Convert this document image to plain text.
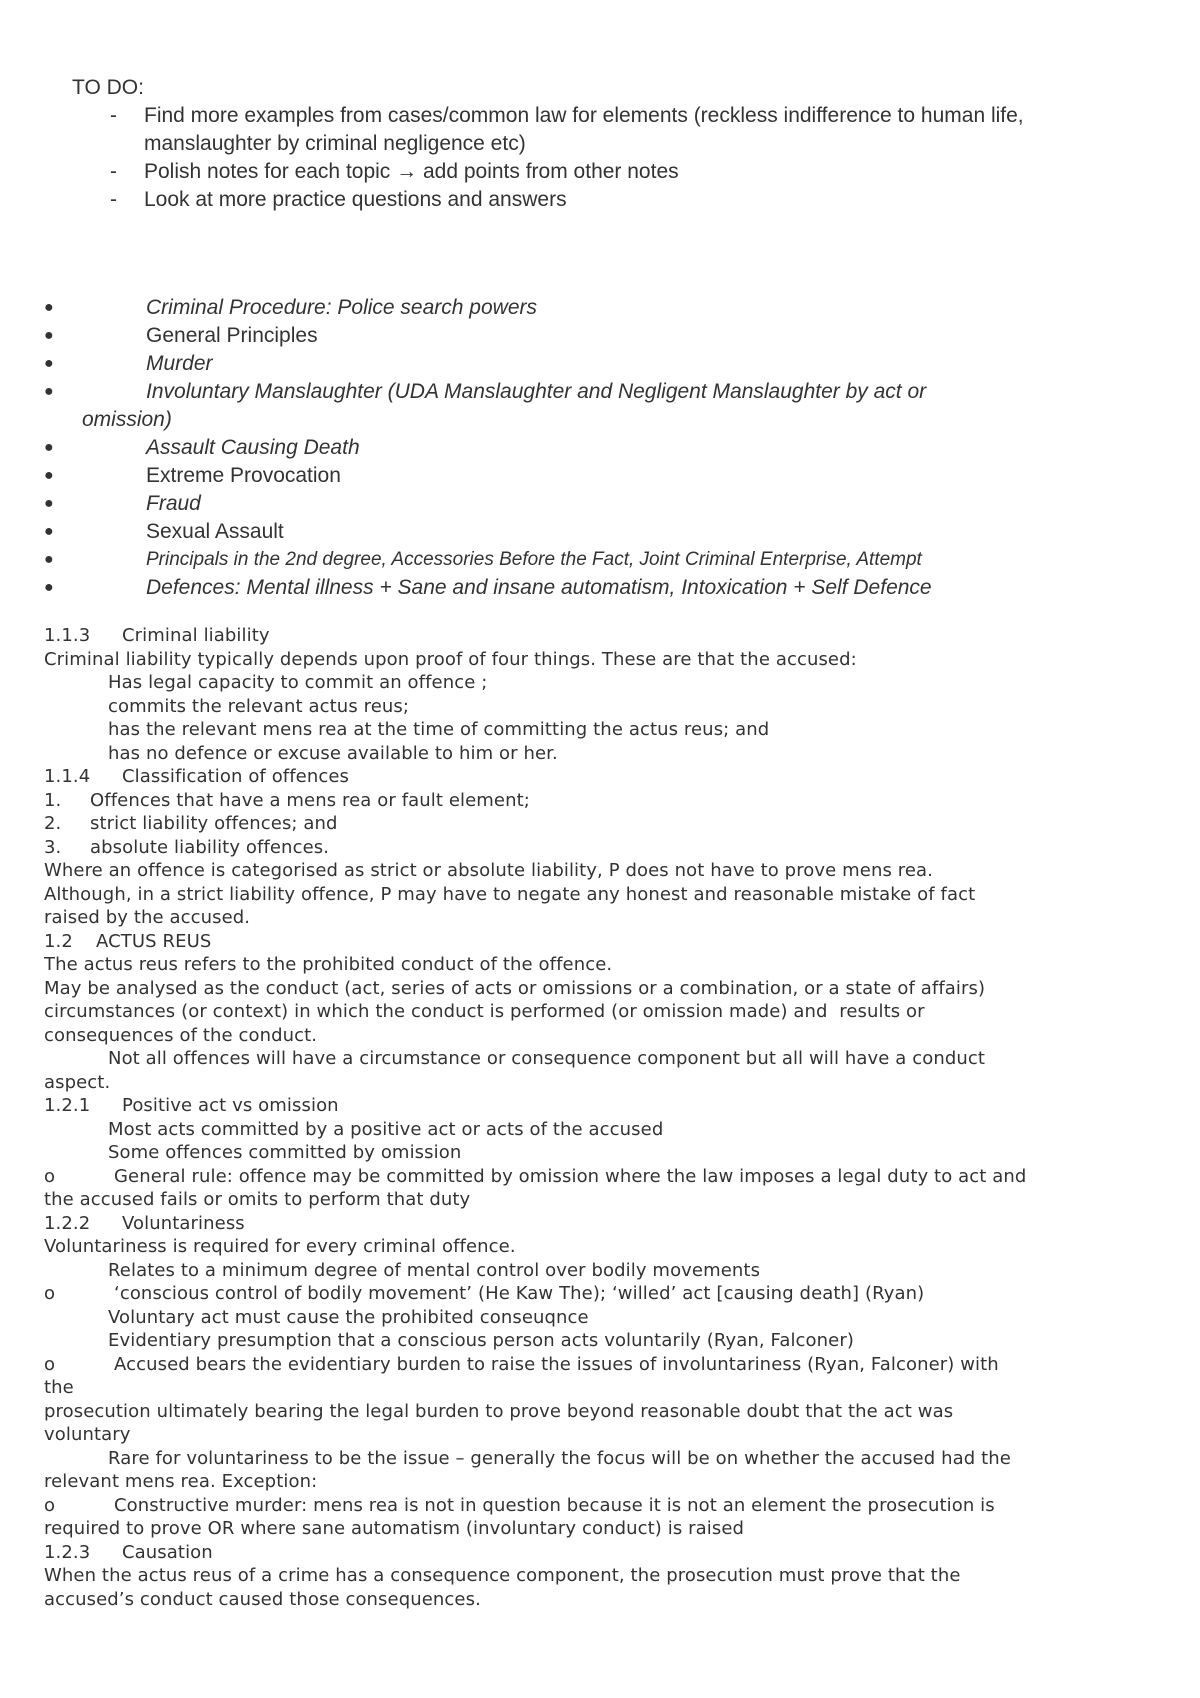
TO DO:

- Find more examples from cases/common law for elements (reckless indifference to human life, manslaughter by criminal negligence etc)
- Polish notes for each topic → add points from other notes
- Look at more practice questions and answers
●	Criminal Procedure: Police search powers
●	General Principles
●	Murder
●	Involuntary Manslaughter (UDA Manslaughter and Negligent Manslaughter by act or
omission)
●	Assault Causing Death
●	Extreme Provocation
●	Fraud
●	Sexual Assault
●	Principals in the 2nd degree, Accessories Before the Fact, Joint Criminal Enterprise, Attempt
●	Defences: Mental illness + Sane and insane automatism, Intoxication + Self Defence

1.1.3 Criminal liability

Criminal liability typically depends upon proof of four things. These are that the accused:

Has legal capacity to commit an offence ;

commits the relevant actus reus;

has the relevant mens rea at the time of committing the actus reus; and

has no defence or excuse available to him or her.

1.1.4 Classification of offences

1. Offences that have a mens rea or fault element;

2. strict liability offences; and

3. absolute liability offences.

Where an offence is categorised as strict or absolute liability, P does not have to prove mens rea.

Although, in a strict liability offence, P may have to negate any honest and reasonable mistake of fact

raised by the accused.

1.2 ACTUS REUS

The actus reus refers to the prohibited conduct of the offence.

May be analysed as the conduct (act, series of acts or omissions or a combination, or a state of affairs)

circumstances (or context) in which the conduct is performed (or omission made) and  results or

consequences of the conduct.

Not all offences will have a circumstance or consequence component but all will have a conduct

aspect.

1.2.1 Positive act vs omission

Most acts committed by a positive act or acts of the accused

Some offences committed by omission

o	General rule: offence may be committed by omission where the law imposes a legal duty to act and

the accused fails or omits to perform that duty

1.2.2 Voluntariness

Voluntariness is required for every criminal offence.

Relates to a minimum degree of mental control over bodily movements

o	‘conscious control of bodily movement’ (He Kaw The); ‘willed’ act [causing death] (Ryan)

Voluntary act must cause the prohibited conseuqnce

Evidentiary presumption that a conscious person acts voluntarily (Ryan, Falconer)

o	Accused bears the evidentiary burden to raise the issues of involuntariness (Ryan, Falconer) with

the

prosecution ultimately bearing the legal burden to prove beyond reasonable doubt that the act was

voluntary

Rare for voluntariness to be the issue – generally the focus will be on whether the accused had the

relevant mens rea. Exception:

o	Constructive murder: mens rea is not in question because it is not an element the prosecution is

required to prove OR where sane automatism (involuntary conduct) is raised

1.2.3 Causation

When the actus reus of a crime has a consequence component, the prosecution must prove that the

accused’s conduct caused those consequences.
